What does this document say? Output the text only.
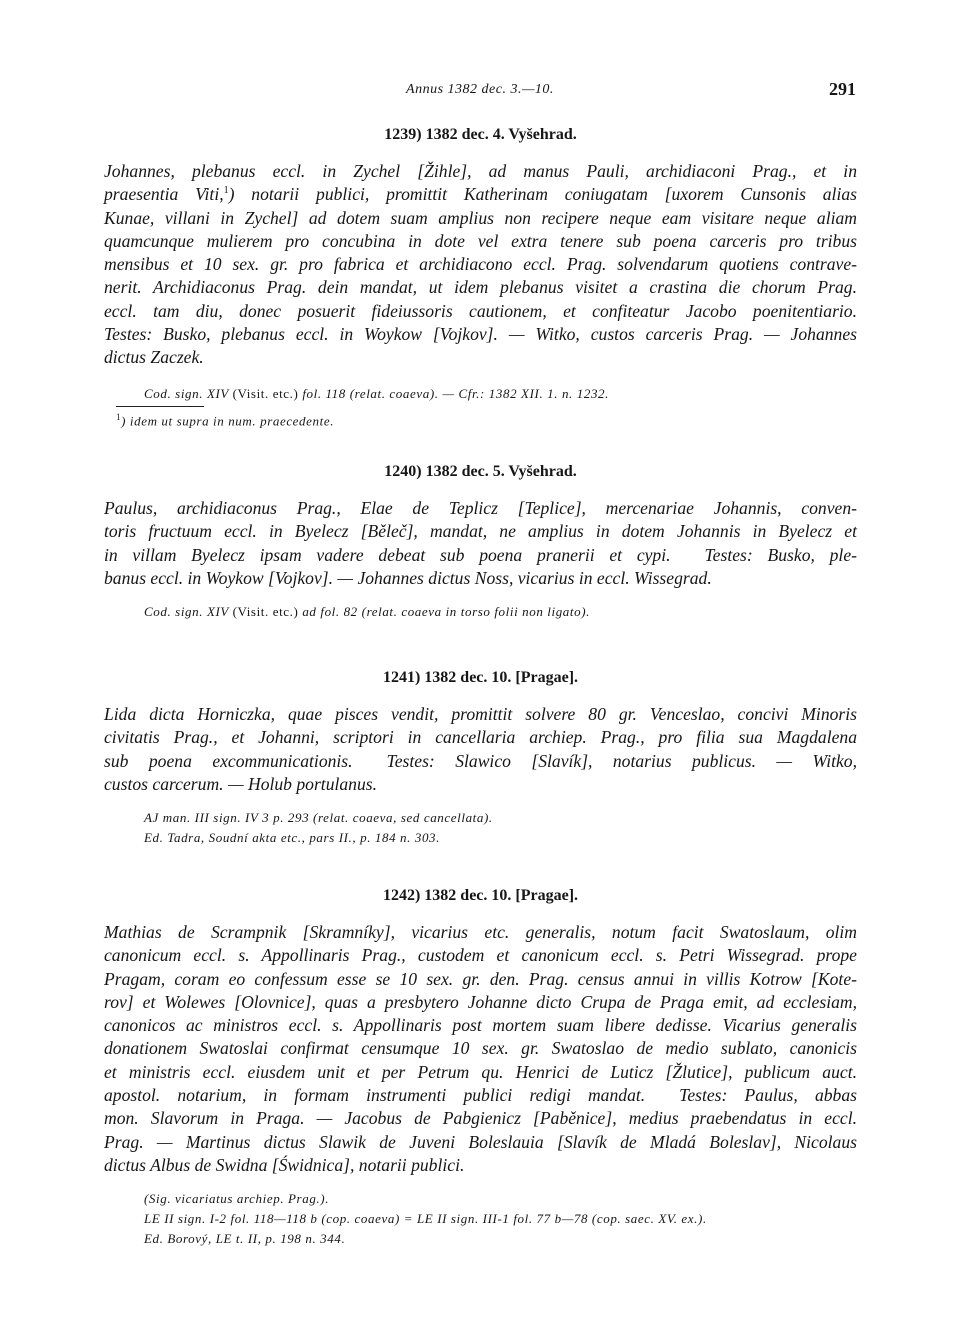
Annus 1382 dec. 3.—10.	291
1239) 1382 dec. 4. Vyšehrad.
Johannes, plebanus eccl. in Zychel [Žihle], ad manus Pauli, archidiaconi Prag., et in
praesentia Viti,$^1$) notarii publici, promittit Katherinam coniugatam [uxorem Cunsonis alias
Kunae, villani in Zychel] ad dotem suam amplius non recipere neque eam visitare neque aliam
quamcunque mulierem pro concubina in dote vel extra tenere sub poena carceris pro tribus
mensibus et 10 sex. gr. pro fabrica et archidiacono eccl. Prag. solvendarum quotiens contrave-
nerit. Archidiaconus Prag. dein mandat, ut idem plebanus visitet a crastina die chorum Prag.
eccl. tam diu, donec posuerit fideiussoris cautionem, et confiteatur Jacobo poenitentiario.
Testes: Busko, plebanus eccl. in Woykow [Vojkov]. — Witko, custos carceris Prag. — Johannes
dictus Zaczek.
Cod. sign. XIV (Visit. etc.) fol. 118 (relat. coaeva). — Cfr.: 1382 XII. 1. n. 1232.
$^1$) idem ut supra in num. praecedente.
1240) 1382 dec. 5. Vyšehrad.
Paulus, archidiaconus Prag., Elae de Teplicz [Teplice], mercenariae Johannis, conven-
toris fructuum eccl. in Byelecz [Běleč], mandat, ne amplius in dotem Johannis in Byelecz et
in villam Byelecz ipsam vadere debeat sub poena pranerii et cypi. Testes: Busko, ple-
banus eccl. in Woykow [Vojkov]. — Johannes dictus Noss, vicarius in eccl. Wissegrad.
Cod. sign. XIV (Visit. etc.) ad fol. 82 (relat. coaeva in torso folii non ligato).
1241) 1382 dec. 10. [Pragae].
Lida dicta Horniczka, quae pisces vendit, promittit solvere 80 gr. Venceslao, concivi Minoris
civitatis Prag., et Johanni, scriptori in cancellaria archiep. Prag., pro filia sua Magdalena
sub poena excommunicationis. Testes: Slawico [Slavík], notarius publicus. — Witko,
custos carcerum. — Holub portulanus.
AJ man. III sign. IV 3 p. 293 (relat. coaeva, sed cancellata).
Ed. Tadra, Soudní akta etc., pars II., p. 184 n. 303.
1242) 1382 dec. 10. [Pragae].
Mathias de Scrampnik [Skramníky], vicarius etc. generalis, notum facit Swatoslaum, olim
canonicum eccl. s. Appollinaris Prag., custodem et canonicum eccl. s. Petri Wissegrad. prope
Pragam, coram eo confessum esse se 10 sex. gr. den. Prag. census annui in villis Kotrow [Kote-
rov] et Wolewes [Olovnice], quas a presbytero Johanne dicto Crupa de Praga emit, ad ecclesiam,
canonicos ac ministros eccl. s. Appollinaris post mortem suam libere dedisse. Vicarius generalis
donationem Swatoslai confirmat censumque 10 sex. gr. Swatoslao de medio sublato, canonicis
et ministris eccl. eiusdem unit et per Petrum qu. Henrici de Luticz [Žlutice], publicum auct.
apostol. notarium, in formam instrumenti publici redigi mandat. Testes: Paulus, abbas
mon. Slavorum in Praga. — Jacobus de Pabgienicz [Paběnice], medius praebendatus in eccl.
Prag. — Martinus dictus Slawik de Juveni Boleslauia [Slavík de Mladá Boleslav], Nicolaus
dictus Albus de Swidna [Świdnica], notarii publici.
(Sig. vicariatus archiep. Prag.).
LE II sign. I-2 fol. 118—118 b (cop. coaeva) = LE II sign. III-1 fol. 77 b—78 (cop. saec. XV. ex.).
Ed. Borový, LE t. II, p. 198 n. 344.
